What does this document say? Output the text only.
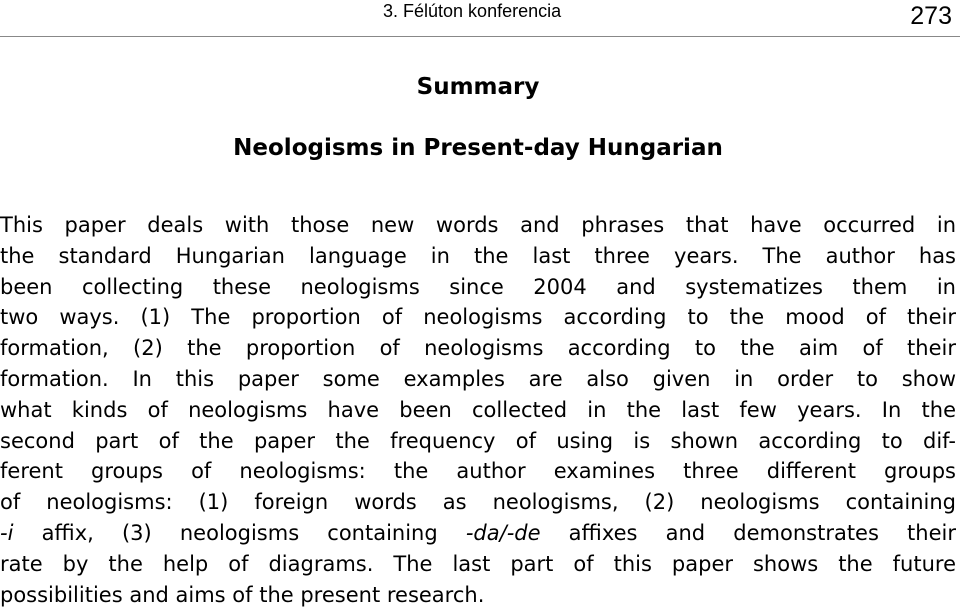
3. Félúton konferencia	273
Summary
Neologisms in Present-day Hungarian
This paper deals with those new words and phrases that have occurred in
the standard Hungarian language in the last three years. The author has
been collecting these neologisms since 2004 and systematizes them in
two ways. (1) The proportion of neologisms according to the mood of their
formation, (2) the proportion of neologisms according to the aim of their
formation. In this paper some examples are also given in order to show
what kinds of neologisms have been collected in the last few years. In the
second part of the paper the frequency of using is shown according to dif-
ferent groups of neologisms: the author examines three different groups
of neologisms: (1) foreign words as neologisms, (2) neologisms containing
-i affix, (3) neologisms containing -da/-de affixes and demonstrates their
rate by the help of diagrams. The last part of this paper shows the future
possibilities and aims of the present research.
